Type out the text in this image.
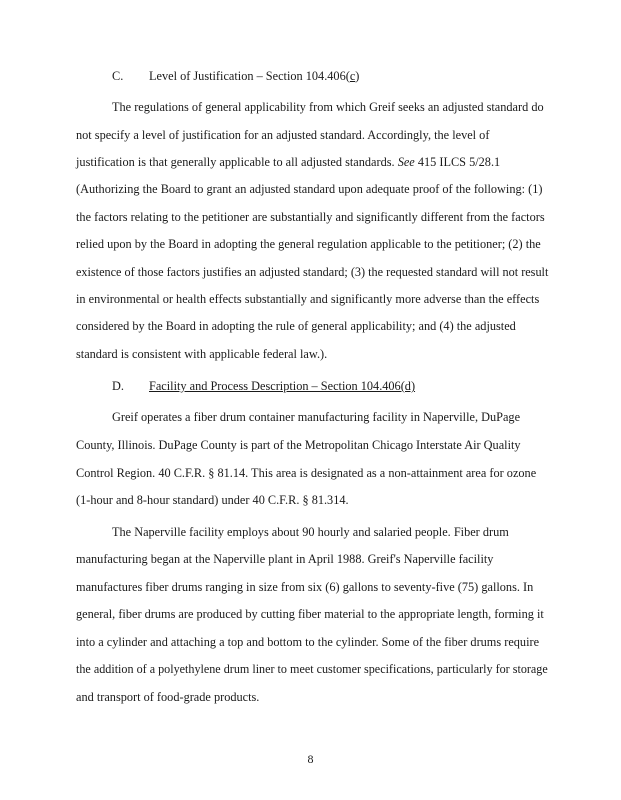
C. Level of Justification – Section 104.406(c)
The regulations of general applicability from which Greif seeks an adjusted standard do
not specify a level of justification for an adjusted standard. Accordingly, the level of
justification is that generally applicable to all adjusted standards. See 415 ILCS 5/28.1
(Authorizing the Board to grant an adjusted standard upon adequate proof of the following: (1)
the factors relating to the petitioner are substantially and significantly different from the factors
relied upon by the Board in adopting the general regulation applicable to the petitioner; (2) the
existence of those factors justifies an adjusted standard; (3) the requested standard will not result
in environmental or health effects substantially and significantly more adverse than the effects
considered by the Board in adopting the rule of general applicability; and (4) the adjusted
standard is consistent with applicable federal law.).
D. Facility and Process Description – Section 104.406(d)
Greif operates a fiber drum container manufacturing facility in Naperville, DuPage
County, Illinois. DuPage County is part of the Metropolitan Chicago Interstate Air Quality
Control Region. 40 C.F.R. § 81.14. This area is designated as a non-attainment area for ozone
(1-hour and 8-hour standard) under 40 C.F.R. § 81.314.
The Naperville facility employs about 90 hourly and salaried people. Fiber drum
manufacturing began at the Naperville plant in April 1988. Greif's Naperville facility
manufactures fiber drums ranging in size from six (6) gallons to seventy-five (75) gallons. In
general, fiber drums are produced by cutting fiber material to the appropriate length, forming it
into a cylinder and attaching a top and bottom to the cylinder. Some of the fiber drums require
the addition of a polyethylene drum liner to meet customer specifications, particularly for storage
and transport of food-grade products.
8
